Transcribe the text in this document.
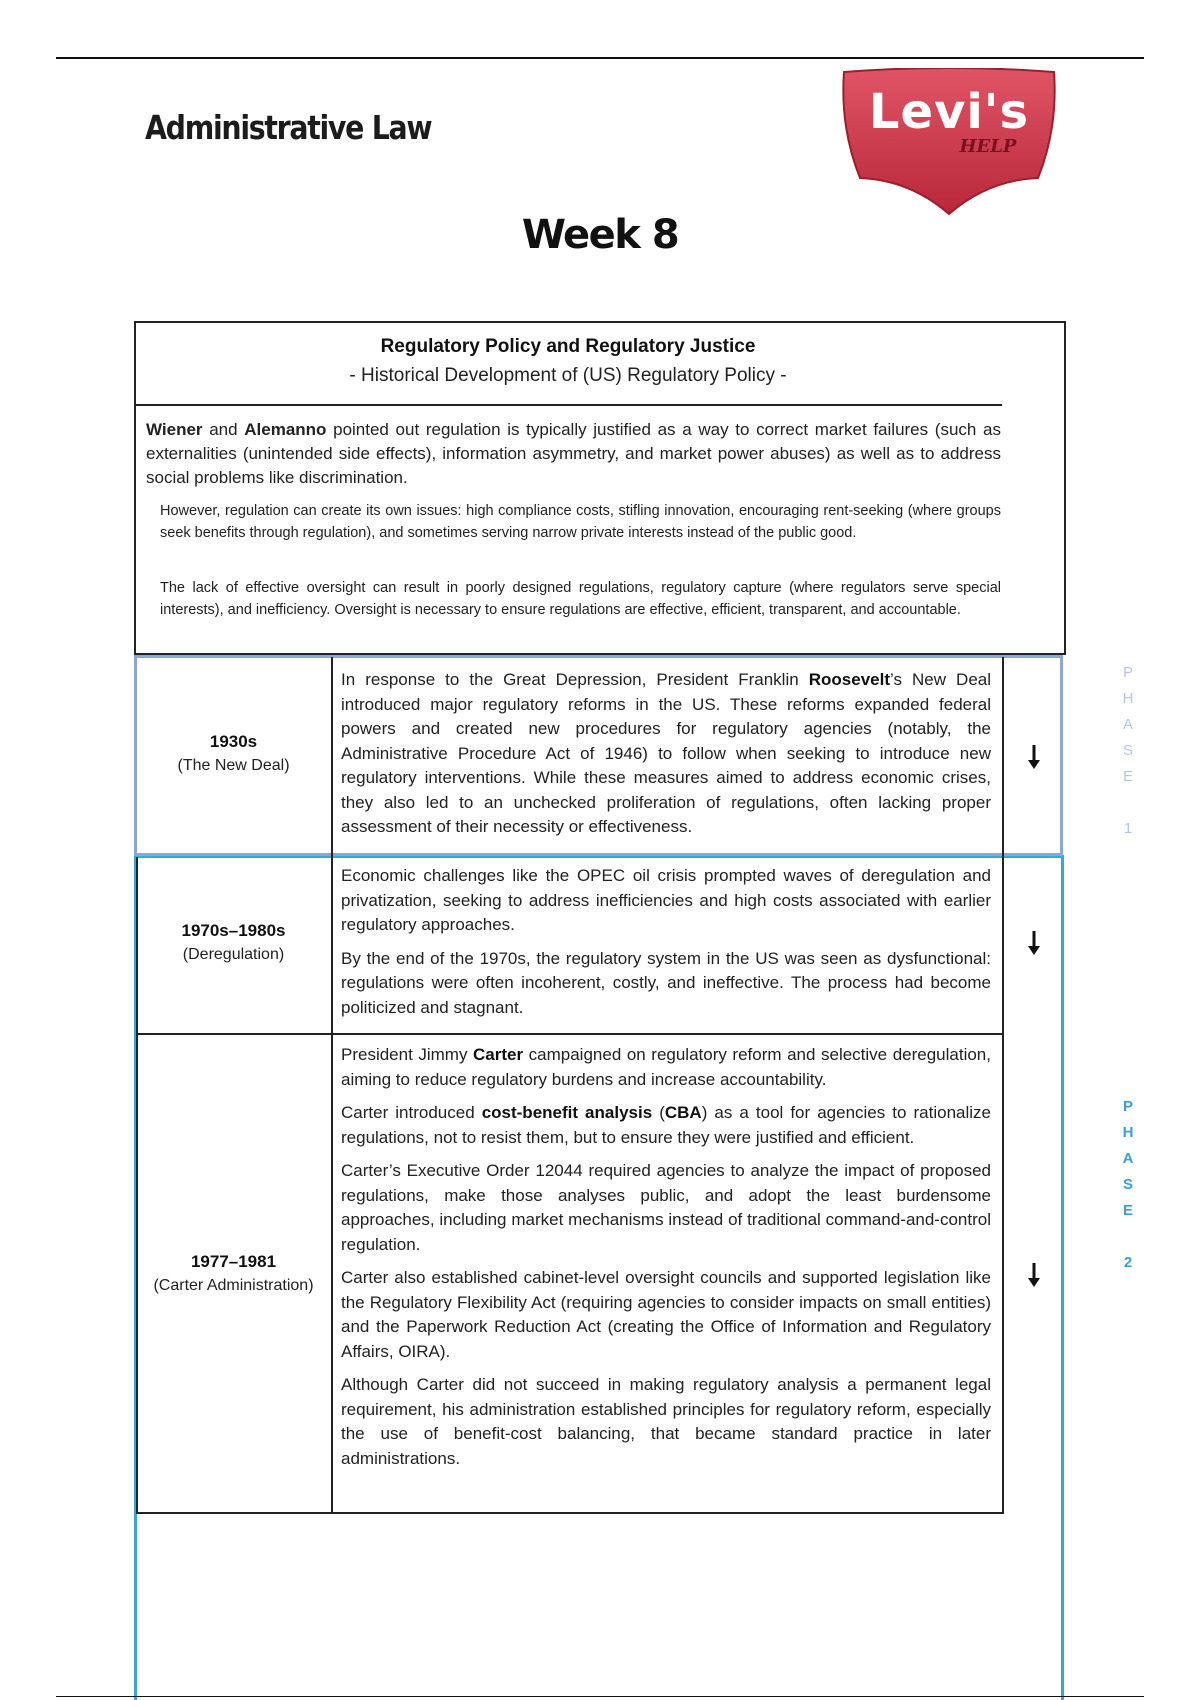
Administrative Law	Levi's
HELP
Week 8
Regulatory Policy and Regulatory Justice
- Historical Development of (US) Regulatory Policy -
Wiener and Alemanno pointed out regulation is typically justified as a way to correct market failures (such as externalities (unintended side effects), information asymmetry, and market power abuses) as well as to address social problems like discrimination.
However, regulation can create its own issues: high compliance costs, stifling innovation, encouraging rent-seeking (where groups seek benefits through regulation), and sometimes serving narrow private interests instead of the public good.
The lack of effective oversight can result in poorly designed regulations, regulatory capture (where regulators serve special interests), and inefficiency. Oversight is necessary to ensure regulations are effective, efficient, transparent, and accountable.
1930s
(The New Deal)

In response to the Great Depression, President Franklin Roosevelt’s New Deal introduced major regulatory reforms in the US. These reforms expanded federal powers and created new procedures for regulatory agencies (notably, the Administrative Procedure Act of 1946) to follow when seeking to introduce new regulatory interventions. While these measures aimed to address economic crises, they also led to an unchecked proliferation of regulations, often lacking proper assessment of their necessity or effectiveness.

1970s–1980s
(Deregulation)

Economic challenges like the OPEC oil crisis prompted waves of deregulation and privatization, seeking to address inefficiencies and high costs associated with earlier regulatory approaches.

By the end of the 1970s, the regulatory system in the US was seen as dysfunctional: regulations were often incoherent, costly, and ineffective. The process had become politicized and stagnant.

1977–1981
(Carter Administration)

President Jimmy Carter campaigned on regulatory reform and selective deregulation, aiming to reduce regulatory burdens and increase accountability.

Carter introduced cost-benefit analysis (CBA) as a tool for agencies to rationalize regulations, not to resist them, but to ensure they were justified and efficient.

Carter’s Executive Order 12044 required agencies to analyze the impact of proposed regulations, make those analyses public, and adopt the least burdensome approaches, including market mechanisms instead of traditional command-and-control regulation.

Carter also established cabinet-level oversight councils and supported legislation like the Regulatory Flexibility Act (requiring agencies to consider impacts on small entities) and the Paperwork Reduction Act (creating the Office of Information and Regulatory Affairs, OIRA).

Although Carter did not succeed in making regulatory analysis a permanent legal requirement, his administration established principles for regulatory reform, especially the use of benefit-cost balancing, that became standard practice in later administrations.

P
H
A
S
E

1
P
H
A
S
E

2
